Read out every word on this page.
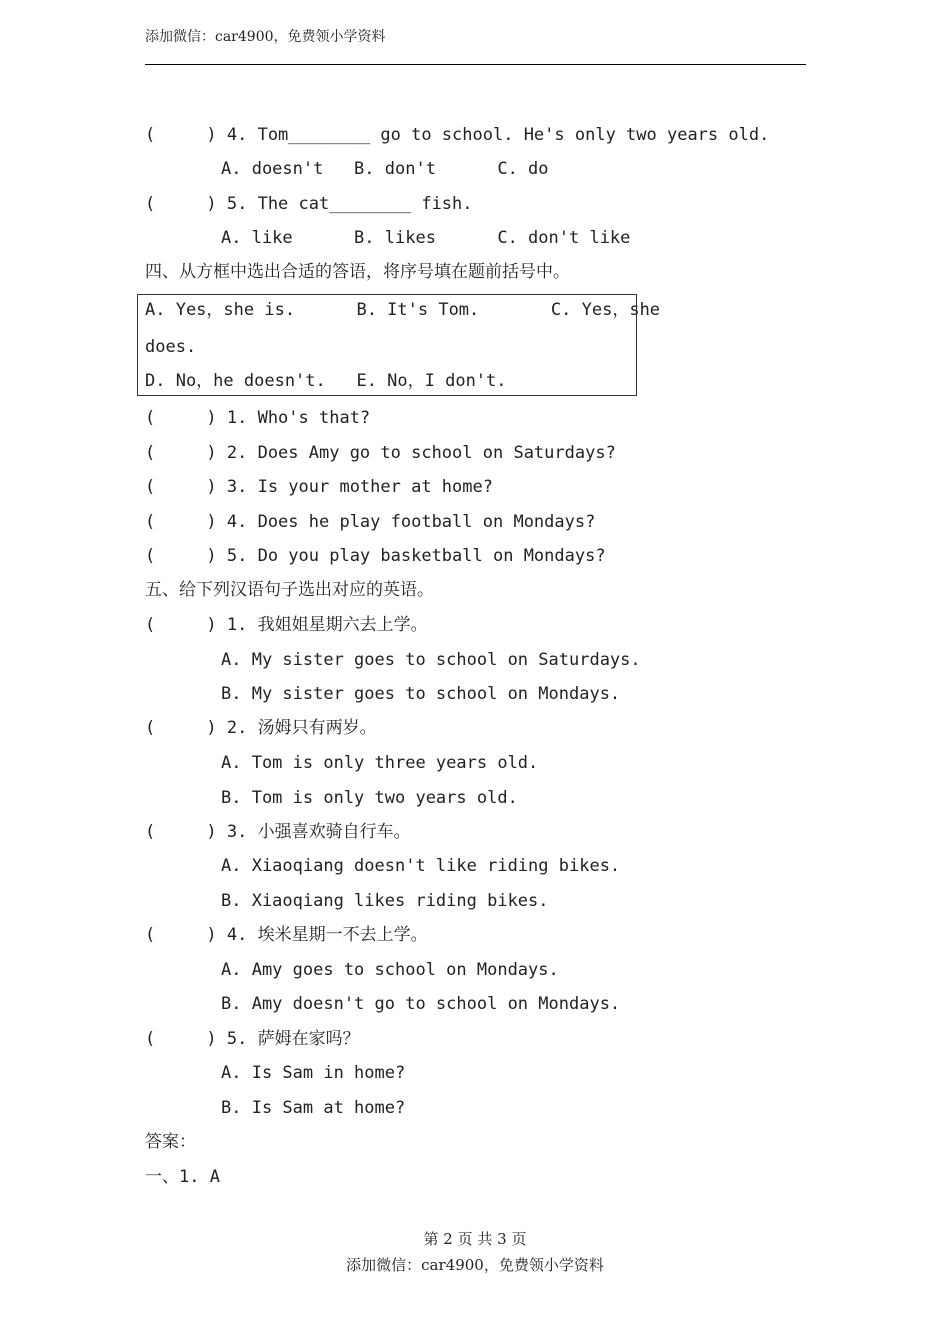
添加微信：car4900，免费领小学资料
(     ) 4. Tom________ go to school. He's only two years old.
A. doesn't   B. don't      C. do
(     ) 5. The cat________ fish.
A. like      B. likes      C. don't like
四、从方框中选出合适的答语，将序号填在题前括号中。
A. Yes，she is.      B. It's Tom.       C. Yes，she
does.
D. No，he doesn't.   E. No，I don't.
(     ) 1. Who's that?
(     ) 2. Does Amy go to school on Saturdays?
(     ) 3. Is your mother at home?
(     ) 4. Does he play football on Mondays?
(     ) 5. Do you play basketball on Mondays?
五、给下列汉语句子选出对应的英语。
(     ) 1. 我姐姐星期六去上学。
A. My sister goes to school on Saturdays.
B. My sister goes to school on Mondays.
(     ) 2. 汤姆只有两岁。
A. Tom is only three years old.
B. Tom is only two years old.
(     ) 3. 小强喜欢骑自行车。
A. Xiaoqiang doesn't like riding bikes.
B. Xiaoqiang likes riding bikes.
(     ) 4. 埃米星期一不去上学。
A. Amy goes to school on Mondays.
B. Amy doesn't go to school on Mondays.
(     ) 5. 萨姆在家吗？
A. Is Sam in home?
B. Is Sam at home?
答案：
一、1. A
第 2 页 共 3 页
添加微信：car4900，免费领小学资料
